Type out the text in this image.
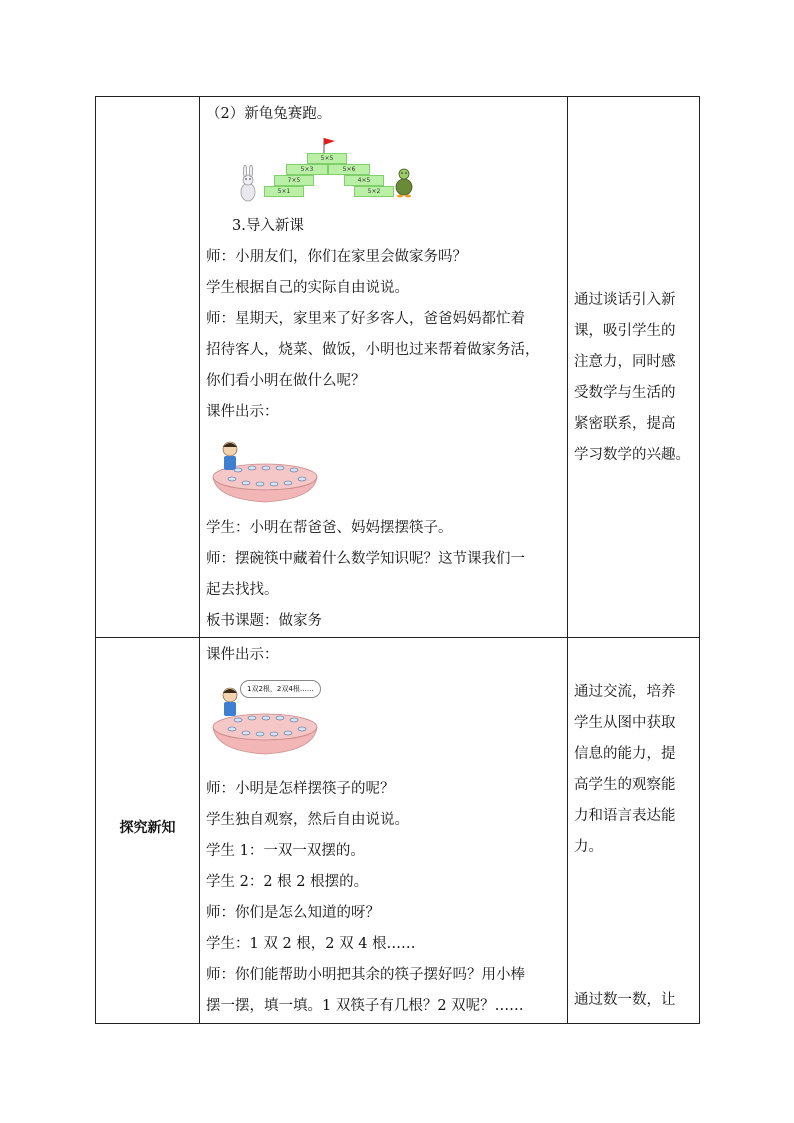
（2）新龟兔赛跑。
5×5
5×3	5×6
7×5	4×5
5×1	5×2
3.导入新课
师：小朋友们，你们在家里会做家务吗？
学生根据自己的实际自由说说。
师：星期天，家里来了好多客人，爸爸妈妈都忙着
招待客人，烧菜、做饭，小明也过来帮着做家务活，
你们看小明在做什么呢？
课件出示：
学生：小明在帮爸爸、妈妈摆摆筷子。
师：摆碗筷中藏着什么数学知识呢？这节课我们一
起去找找。
板书课题：做家务
通过谈话引入新
课，吸引学生的
注意力，同时感
受数学与生活的
紧密联系，提高
学习数学的兴趣。
探究新知
课件出示：
1双2根，2双4根……
师：小明是怎样摆筷子的呢？
学生独自观察，然后自由说说。
学生 1：一双一双摆的。
学生 2：2 根 2 根摆的。
师：你们是怎么知道的呀？
学生：1 双 2 根，2 双 4 根……
师：你们能帮助小明把其余的筷子摆好吗？用小棒
摆一摆，填一填。1 双筷子有几根？2 双呢？……
通过交流，培养
学生从图中获取
信息的能力，提
高学生的观察能
力和语言表达能
力。
通过数一数，让
